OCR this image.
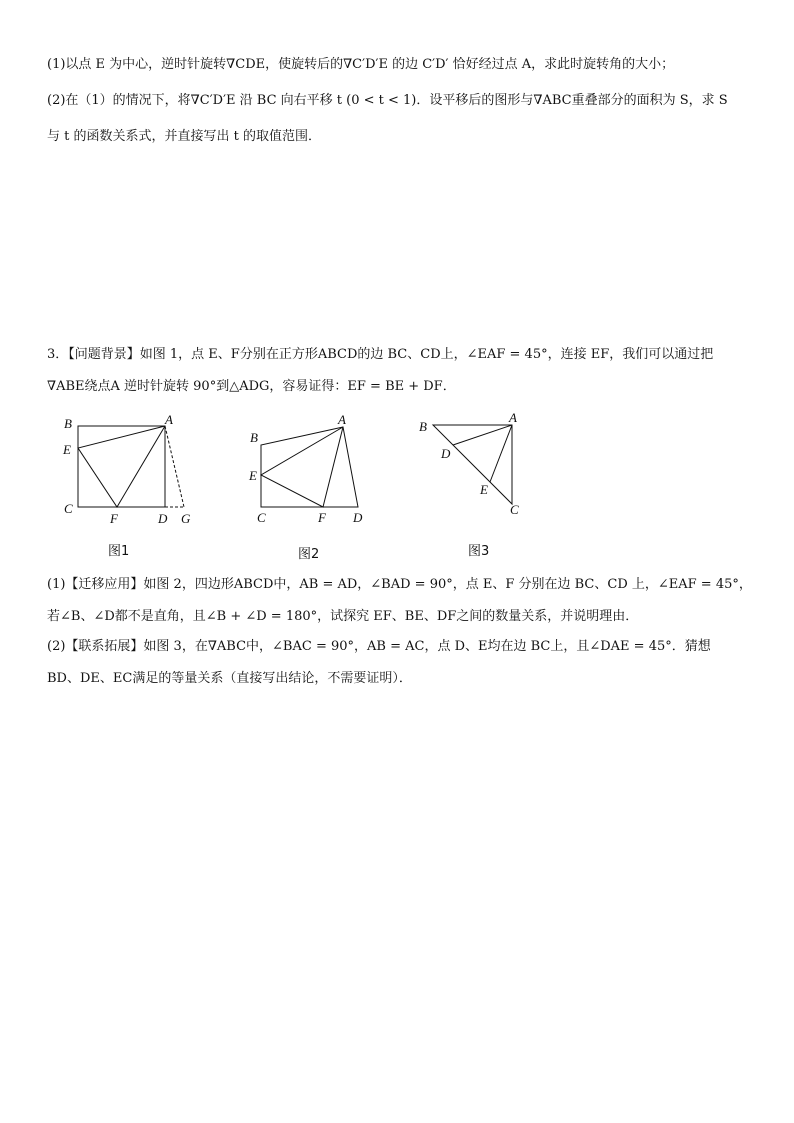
(1)以点 E 为中心，逆时针旋转∇CDE，使旋转后的∇C′D′E 的边 C′D′ 恰好经过点 A，求此时旋转角的大小；
(2)在（1）的情况下，将∇C′D′E 沿 BC 向右平移 t (0 < t < 1)．设平移后的图形与∇ABC重叠部分的面积为 S，求 S
与 t 的函数关系式，并直接写出 t 的取值范围．
3．【问题背景】如图 1，点 E、F分别在正方形ABCD的边 BC、CD上，∠EAF = 45°，连接 EF，我们可以通过把
∇ABE绕点A 逆时针旋转 90°到△ADG，容易证得：EF = BE + DF．
B	A
E
C
F	D G
图1
A
B
E
C	F D
图2
B
A
D
E
C
图3
(1)【迁移应用】如图 2，四边形ABCD中，AB = AD，∠BAD = 90°，点 E、F 分别在边 BC、CD 上，∠EAF = 45°，
若∠B、∠D都不是直角，且∠B + ∠D = 180°，试探究 EF、BE、DF之间的数量关系，并说明理由．
(2)【联系拓展】如图 3，在∇ABC中，∠BAC = 90°，AB = AC，点 D、E均在边 BC上，且∠DAE = 45°．猜想
BD、DE、EC满足的等量关系（直接写出结论，不需要证明）．
